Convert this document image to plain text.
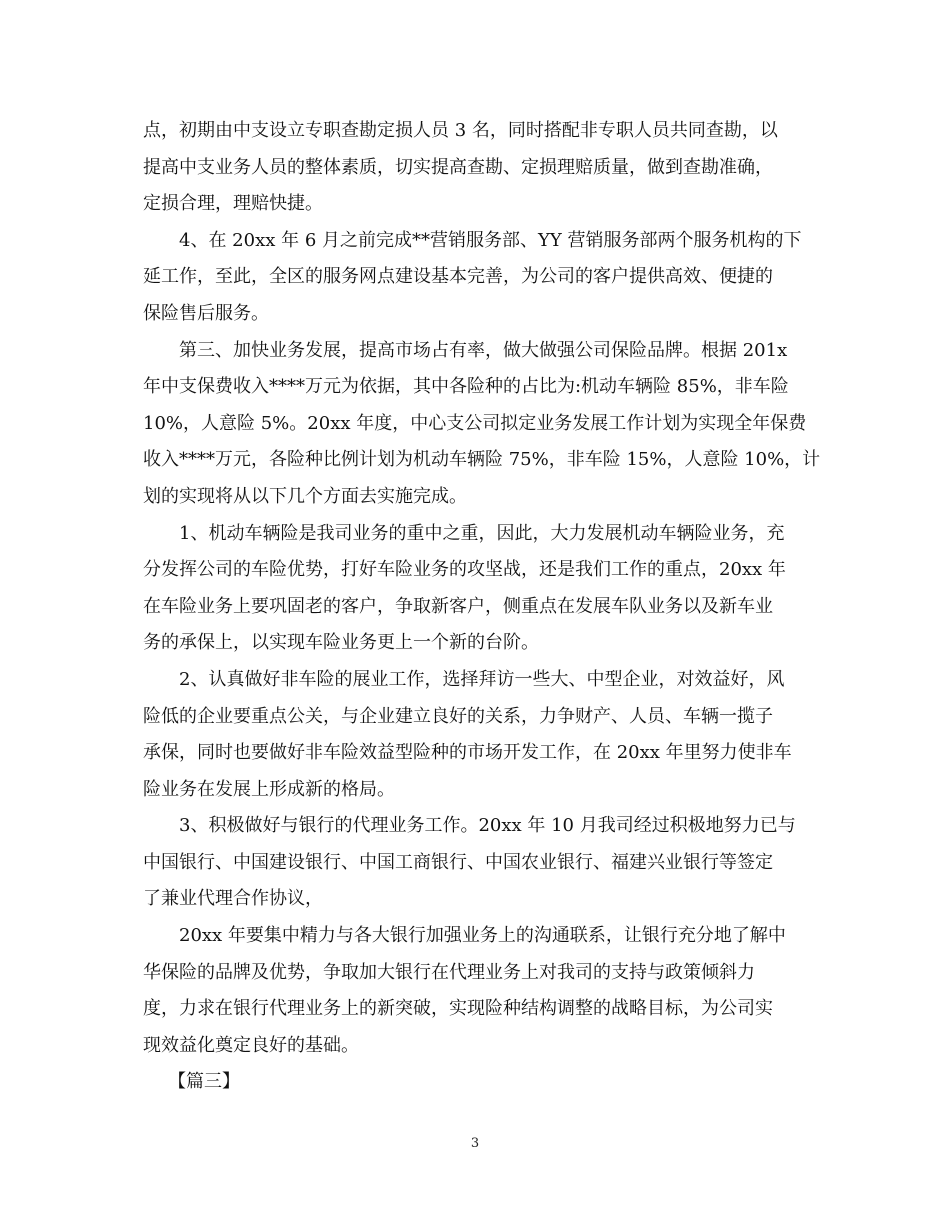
点，初期由中支设立专职查勘定损人员 3 名，同时搭配非专职人员共同查勘，以
提高中支业务人员的整体素质，切实提高查勘、定损理赔质量，做到查勘准确，
定损合理，理赔快捷。

4、在 20xx 年 6 月之前完成**营销服务部、YY 营销服务部两个服务机构的下
延工作，至此，全区的服务网点建设基本完善，为公司的客户提供高效、便捷的
保险售后服务。

第三、加快业务发展，提高市场占有率，做大做强公司保险品牌。根据 201x
年中支保费收入****万元为依据，其中各险种的占比为:机动车辆险 85%，非车险
10%，人意险 5%。20xx 年度，中心支公司拟定业务发展工作计划为实现全年保费
收入****万元，各险种比例计划为机动车辆险 75%，非车险 15%，人意险 10%，计
划的实现将从以下几个方面去实施完成。

1、机动车辆险是我司业务的重中之重，因此，大力发展机动车辆险业务，充
分发挥公司的车险优势，打好车险业务的攻坚战，还是我们工作的重点，20xx 年
在车险业务上要巩固老的客户，争取新客户，侧重点在发展车队业务以及新车业
务的承保上，以实现车险业务更上一个新的台阶。

2、认真做好非车险的展业工作，选择拜访一些大、中型企业，对效益好，风
险低的企业要重点公关，与企业建立良好的关系，力争财产、人员、车辆一揽子
承保，同时也要做好非车险效益型险种的市场开发工作，在 20xx 年里努力使非车
险业务在发展上形成新的格局。

3、积极做好与银行的代理业务工作。20xx 年 10 月我司经过积极地努力已与
中国银行、中国建设银行、中国工商银行、中国农业银行、福建兴业银行等签定
了兼业代理合作协议，

20xx 年要集中精力与各大银行加强业务上的沟通联系，让银行充分地了解中
华保险的品牌及优势，争取加大银行在代理业务上对我司的支持与政策倾斜力
度，力求在银行代理业务上的新突破，实现险种结构调整的战略目标，为公司实
现效益化奠定良好的基础。

【篇三】

3
